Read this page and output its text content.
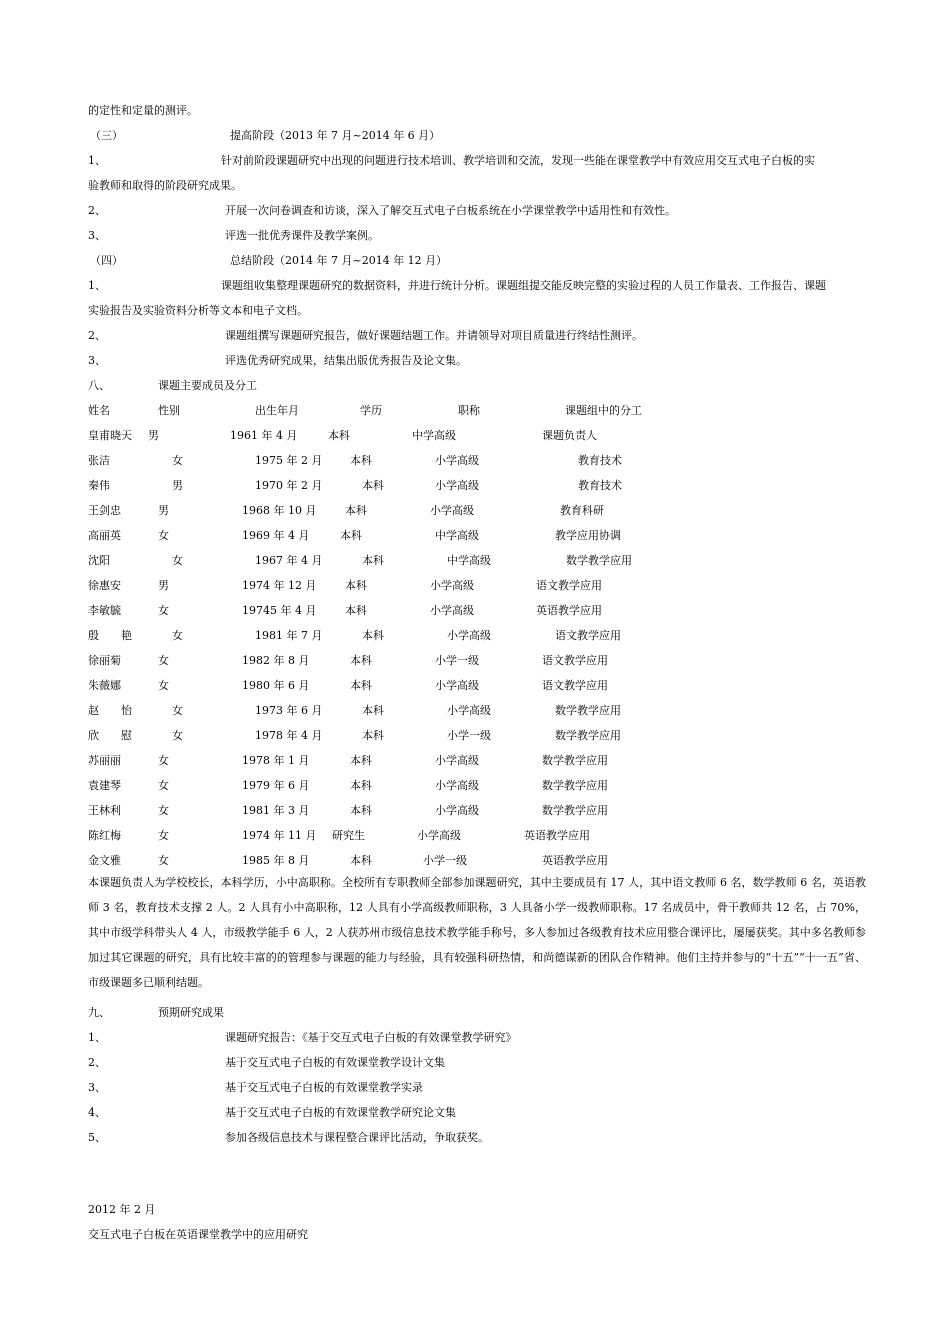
的定性和定量的测评。
（三）	提高阶段（2013 年 7 月~2014 年 6 月）
1、	针对前阶段课题研究中出现的问题进行技术培训、教学培训和交流，发现一些能在课堂教学中有效应用交互式电子白板的实
验教师和取得的阶段研究成果。
2、	开展一次问卷调查和访谈，深入了解交互式电子白板系统在小学课堂教学中适用性和有效性。
3、	评选一批优秀课件及教学案例。
（四）	总结阶段（2014 年 7 月~2014 年 12 月）
1、	课题组收集整理课题研究的数据资料，并进行统计分析。课题组提交能反映完整的实验过程的人员工作量表、工作报告、课题
实验报告及实验资料分析等文本和电子文档。
2、	课题组撰写课题研究报告，做好课题结题工作。并请领导对项目质量进行终结性测评。
3、	评选优秀研究成果，结集出版优秀报告及论文集。
八、	课题主要成员及分工
姓名	性别	出生年月	学历	职称	课题组中的分工
皇甫晓天 男	1961 年 4 月	本科	中学高级	课题负责人
张洁	女	1975 年 2 月	本科	小学高级	教育技术
秦伟	男	1970 年 2 月	本科	小学高级	教育技术
王剑忠	男	1968 年 10 月	本科	小学高级	教育科研
高丽英	女	1969 年 4 月	本科	中学高级	教学应用协调
沈阳	女	1967 年 4 月	本科	中学高级	数学教学应用
徐惠安	男	1974 年 12 月	本科	小学高级	语文教学应用
李敏毓	女	19745 年 4 月	本科	小学高级	英语教学应用
殷　　艳	女	1981 年 7 月	本科	小学高级	语文教学应用
徐丽菊	女	1982 年 8 月	本科	小学一级	语文教学应用
朱薇娜	女	1980 年 6 月	本科	小学高级	语文教学应用
赵　　怡	女	1973 年 6 月	本科	小学高级	数学教学应用
欣　　慰	女	1978 年 4 月	本科	小学一级	数学教学应用
苏丽丽	女	1978 年 1 月	本科	小学高级	数学教学应用
袁建琴	女	1979 年 6 月	本科	小学高级	数学教学应用
王林利	女	1981 年 3 月	本科	小学高级	数学教学应用
陈红梅	女	1974 年 11 月 研究生	小学高级	英语教学应用
金文雅	女	1985 年 8 月	本科	小学一级	英语教学应用
本课题负责人为学校校长，本科学历，小中高职称。全校所有专职教师全部参加课题研究，其中主要成员有 17 人，其中语文教师 6 名，数学教师 6 名，英语教师 3 名，教育技术支撑 2 人。2 人具有小中高职称，12 人具有小学高级教师职称，3 人具备小学一级教师职称。17 名成员中，骨干教师共 12 名，占 70%，其中市级学科带头人 4 人，市级教学能手 6 人，2 人获苏州市级信息技术教学能手称号，多人参加过各级教育技术应用整合课评比，屡屡获奖。其中多名教师参加过其它课题的研究，具有比较丰富的的管理参与课题的能力与经验，具有较强科研热情，和尚德谋新的团队合作精神。他们主持并参与的“十五”“十一五”省、市级课题多已顺利结题。
九、	预期研究成果
1、	课题研究报告：《基于交互式电子白板的有效课堂教学研究》
2、	基于交互式电子白板的有效课堂教学设计文集
3、	基于交互式电子白板的有效课堂教学实录
4、	基于交互式电子白板的有效课堂教学研究论文集
5、	参加各级信息技术与课程整合课评比活动，争取获奖。
2012 年 2 月
交互式电子白板在英语课堂教学中的应用研究
